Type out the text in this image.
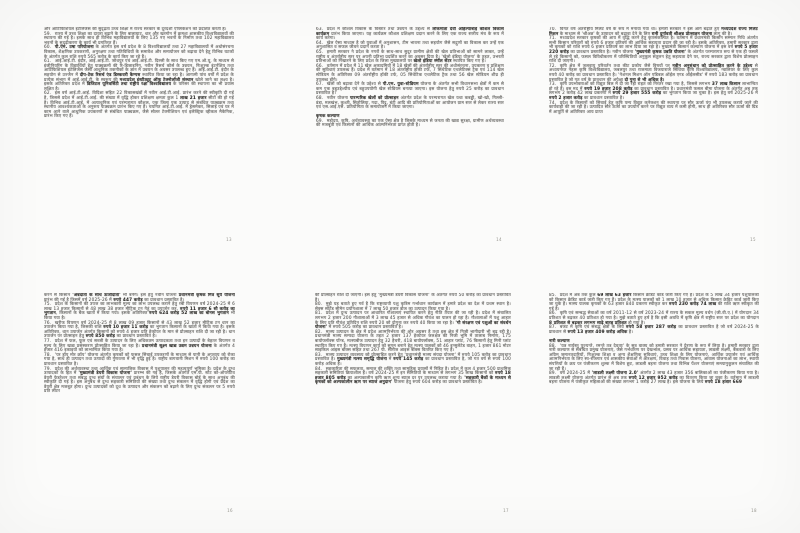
और आर्टिफिशियल इंटेलिजेंस की सुदृढ़ता उच्च शिक्षा में राज्य सरकार के दूरदर्शी एप्लिकेशन को प्रदर्शित करती है।
59. राज्य में उच्च शिक्षा का दायरा बढ़ाने के लिए बालाघाट, धार और खरगोन में क्रमशः शासकीय विश्वविद्यालयों की स्थापना की गई है। इसके साथ ही विभिन्न महाविद्यालयों के लिए 135 नए भवनों के निर्माण तथा 102 महाविद्यालय भवनों के सुदृढ़ीकरण के कार्य भी प्रगतिरत हैं।
60. पी.एम. उषा परियोजना के अंतर्गत इस वर्ष प्रदेश के 8 विश्वविद्यालयों तथा 27 महाविद्यालयों में अधोसंरचना विकास, शैक्षणिक उपकरणों, अनुरक्षण तथा गतिविधियों के समावेश और समायोजन को बढ़ावा देने हेतु विभिन्न घटकों के अंतर्गत कुल राशि रुपये 565 करोड़ के कार्य किए जा रहे हैं।
61. आई.आई.टी. इंदौर, आई.आई.टी. जोधपुर एवं आई.आई.टी. दिल्ली के साथ किए गए एम.ओ.यू. के माध्यम से इंजीनियरिंग के विद्यार्थियों हेतु पाठ्यक्रमों की रि-डिजाइनिंग, नवीन रिसर्च कोर्स के उन्नयन, निःशुल्क इंटर्नशिप तथा आर्टिफिशियल इंटेलिजेंस जैसी आधुनिक तकनीकों के ज्ञान में उन्नयन के अवसर उपलब्ध हुए हैं। आई.आई.टी. इंदौर के सहयोग से उज्जैन में दीप-टेक रिसर्च एंड डिस्कवरी कैम्पस स्थापित किया जा रहा है। आगामी पांच वर्षों में प्रदेश के प्रत्येक संभाग में आई.आई.टी. के स्वरूप की मध्यप्रदेश इंस्टीट्यूट ऑफ टेक्नोलॉजी संस्थान खोले जाने का लक्ष्य है। इसके अतिरिक्त प्रदेश में डिजिटल यूनिवर्सिटी तथा राष्ट्रीय रक्षा विश्वविद्यालय के परिसर की स्थापना का भी प्रयास लक्षित है।
62. इस वर्ष आई.टी.आई. विदिशा सहित 22 विकासखंडों में नवीन आई.टी.आई. प्रारंभ करने की स्वीकृति दी गई है, जिससे प्रदेश में आई.टी.आई. की संख्या में वृद्धि होकर प्रशिक्षण क्षमता कुल 1 लाख 21 हजार सीटों की हो गई है। विभिन्न आई.टी.आई. में अत्याधुनिक एवं परम्परागत कौशल, एक जिला एक उत्पाद से संबंधित पाठ्यक्रम तथा स्थानीय आवश्यकताओं के अनुरूप पाठ्यक्रम प्रारंभ किए गए हैं। चयनित आई.टी.आई. में ड्रेसमेकर, सिलाई एवं घर में काम आने वाले आधुनिक उपकरणों से संबंधित पाठ्यक्रम, जैसे सोलर टेक्नीशियन एवं इलेक्ट्रिक व्हीकल मैकेनिक, प्रारंभ किए गए हैं।
13
63. प्रदेश में कौशल विकास के विस्तार तथा उन्नयन के उद्देश्य से लोकमाता देवी अहिल्याबाई कौशल विकास कार्यक्रम प्रारंभ किया जाएगा। यह कार्यक्रम कौशल प्रशिक्षण प्रदान करने के लिए एक राज्य स्तरीय मंच के रूप में कार्य करेगा।
64. खेल ऐसा माध्यम है जो युवाओं में अनुशासन, टीम भावना तथा सहयोग जैसे सद्गुणों का विकास कर उन्हें एक अनुशासित व सफल जीवन प्रदान करता है।
65. हमारी सरकार ने प्रदेश के नगरों के साथ-साथ सुदूर ग्रामीण क्षेत्रों की खेल प्रतिभाओं को सामने लाकर, उन्हें राष्ट्रीय व अंतर्राष्ट्रीय स्तर पर अपनी प्रतिभा प्रदर्शित करने का अवसर दिया है। 'खेलो इंडिया योजना' के तहत, उभरती प्रतिभाओं को निखारने के लिए प्रदेश के जिला मुख्यालयों पर खेलो इंडिया स्मॉल सेंटर स्थापित किए गए हैं।
66. वर्तमान में प्रदेश में 11 खेल अकादमियों में 18 खेलों की अंतर्राष्ट्रीय स्तर की अधोसंरचना, उपकरण व प्रशिक्षण की सुविधाएं उपलब्ध हैं। प्रदेश में वर्तमान में 18 अंतर्राष्ट्रीय हॉकी टर्फ, 7 सिंथेटिक एथलेटिक्स ट्रैक एवं 114 खेल स्टेडियम के अतिरिक्त 09 अंतर्राष्ट्रीय हॉकी टर्फ, 05 सिंथेटिक एथलेटिक ट्रैक तथा 56 खेल स्टेडियम शीघ्र ही उपलब्ध होंगे।
67. खेलों को बढ़ावा देने के उद्देश्य से पी.एम. युवा-स्टेडियम योजना के अंतर्गत सभी विधानसभा क्षेत्रों में कम से कम एक बहुउद्देश्यीय एवं बहुउपयोगी खेल स्टेडियम बनाया जाएगा। इस योजना हेतु रुपये 25 करोड़ का प्रावधान प्रस्तावित है।
68. नवीन योजना पारम्परिक खेलों को प्रोत्साहन अंतर्गत प्रदेश के परम्परागत खेल यथा कबड्डी, खो-खो, गिल्ली-डंडा, मलखंभ, कुश्ती, सितोलिया, गदा, पिट्ठू, बंटी आदि की प्रतियोगिताओं का आयोजन ग्राम स्तर से लेकर राज्य स्तर एवं एस.आई.एस. प्रतियोगिता के समायोजन में किया जाएगा।
कृषक कल्याण
69. महोदय, कृषि, अर्थव्यवस्था का एक ऐसा क्षेत्र है जिसके माध्यम से जनता की खाद्य सुरक्षा, ग्रामीण अर्थव्यवस्था की मजबूती एवं किसानों की आर्थिक आत्मनिर्भरता प्राप्त होती है।
14
70. विगत वर्ष अंतर्राष्ट्रीय मिलेट वर्ष के रूप में मनाया गया था। हमारी सरकार ने इसे आगे बढ़ाते हुए मध्यप्रदेश राज्य मिलेट मिशन के माध्यम से 'श्रीअन्न' के उत्पादन को बढ़ावा देने के लिए रानी दुर्गावती श्रीअन्न प्रोत्साहन योजना लागू की है।
71. मध्यप्रदेश सरकार कृषकों की आय में वृद्धि करने हेतु कृतसंकल्पित है। वर्तमान में प्रधानमंत्री किसान सम्मान निधि अंतर्गत सभी किसान परिवारों को रुपये 6 हजार प्रतिवर्ष की आर्थिक सहायता प्रदान की जा रही है। इसके अतिरिक्त, हमारी सरकार द्वारा भी कृषकों को राशि रुपये 6 हजार प्रतिवर्ष का लाभ दिया जा रहा है। मुख्यमंत्री किसान कल्याण योजना में इस वर्ष रुपये 5 हजार 220 करोड़ का प्रावधान प्रस्तावित है। नवीन योजना 'मुख्यमंत्री कृषक उन्नति योजना' के अंतर्गत परम्परागत रूप से एक ही फसलें ले रहे किसानों को, फसल विविधीकरण में परिस्थितियों अनुकूल संतुलन हेतु सहायता देने पर, राज्य सरकार द्वारा विशेष प्रोत्साहन राशि दी जाएगी।
72. कृषि क्षेत्र में जलवायु परिवर्तन तथा कीट प्रकोप जैसे विषयों पर नवीन अनुसंधान को प्रोत्साहित करने के उद्देश्य से अध्ययनरत नेहरू कृषि विश्वविद्यालय, जबलपुर तथा राजमाता विजयाराजे सिंधिया कृषि विश्वविद्यालय, ग्वालियर के लिए कुल रुपये 40 करोड़ का प्रावधान प्रस्तावित है। 'नेशनल मिशन ऑन एडिबल ऑईल एण्ड ऑईलसीड' में रुपये 183 करोड़ का प्रावधान प्रस्तावित है जो गत वर्ष के प्रावधान की अपेक्षा दो गुना से भी अधिक है।
73. कृषि उपभोक्ताओं को विद्युत बिल में दी जा रही राहत को निरंतर रखा गया है, जिससे लगभग 37 लाख किसान लाभान्वित हो रहे हैं। इस मद में रुपये 19 हजार 208 करोड़ का प्रावधान प्रस्तावित है। प्रधानमंत्री फसल बीमा योजना के अंतर्गत अब तक लगभग 2 करोड़ 42 लाख प्रकरणों में रुपये 29 हजार 555 करोड़ का भुगतान किया जा चुका है। इस हेतु वर्ष 2025-26 में रुपये 2 हजार करोड़ का प्रावधान प्रस्तावित है।
74. प्रदेश के किसानों को सिंचाई हेतु कृषि पम्प विद्युत कनेक्शन की स्थापना पर सौर ऊर्जा पंप भी उपलब्ध कराये जाने की कार्यवाही की जा रही है। उत्पादित सौर ऊर्जा का उपयोग करने पर विद्युत व्यय में कमी होगी, साथ ही अतिरिक्त सौर ऊर्जा की ग्रिड में आपूर्ति से अतिरिक्त आय प्राप्त
15
करने से किसान 'अन्नदाता के साथ ऊर्जादाता' भी बनेंगे। इस हेतु नवीन योजना प्रधानमंत्री कृषक मित्र सूर्य योजना प्रारंभ की गई है जिसमें वर्ष 2025-26 में रुपये 447 करोड़ का प्रावधान प्रस्तावित है।
75. प्रदेश के किसानों की उपज का लाभकारी मूल्य का लाभ उपलब्ध कराने हेतु रबी विपणन वर्ष 2024-25 में 6 लाख 13 हजार किसानों से 48 लाख 38 हजार मीट्रिक टन गेहूं का उपार्जन कर, रुपये 11 हजार 6 सौ करोड़ का भुगतान, किसानों के बैंक खातों में किया गया। इसके अतिरिक्त रुपये 624 करोड़ 52 लाख का बोनस भुगतान भी किया गया है।
76. खरीफ विपणन वर्ष 2024-25 में 8 लाख 09 हजार किसानों से 43 लाख 52 हजार मीट्रिक टन धान का उपार्जन किया गया है, जिसकी राशि रुपये 10 हजार 11 करोड़ का भुगतान किसानों के खातों में किया गया है। इसके अतिरिक्त, धान उपार्जन अंतर्गत किसानों को रुपये 4 हजार प्रति हेक्टेयर के मान से प्रोत्साहन राशि दी जा रही है। धान उपार्जन पर प्रोत्साहन हेतु रुपये 850 करोड़ का प्रावधान प्रस्तावित है।
77. प्रदेश में फल, फूल एवं सब्जी के उत्पादन के लिए अधिकतम उत्पादकता तथा इन उत्पादों के बेहतर विपणन व मूल्य के लिए खाद्य प्रसंस्करण प्रोत्साहित किया जा रहा है। प्रधानमंत्री सूक्ष्म खाद्य उद्यम उन्नयन योजना के अंतर्गत 4 हजार 416 इकाइयों को लाभान्वित किया गया है।
78. 'पर ड्रॉप मोर क्रॉप' योजना अंतर्गत कृषकों को फसल सिंचाई उपकरणों के माध्यम से पानी के अपव्यय को रोका गया है, साथ ही उत्पादन तथा उत्पादों की गुणवत्ता में भी वृद्धि हुई है। राष्ट्रीय बागवानी मिशन में रुपये 100 करोड़ का प्रावधान प्रस्तावित है।
79. प्रदेश की अर्थव्यवस्था तथा आर्थिक एवं सामाजिक विकास में पशुपालन की महत्वपूर्ण भूमिका है। प्रदेश के दुग्ध उत्पादकों के हित में 'मुख्यमंत्री डेयरी विकास योजना' प्रारम्भ की गई है, जिसके अंतर्गत एम.पी. स्टेट को-ऑपरेटिव डेयरी फेडरेशन तथा संबद्ध दुग्ध संघों के संचालन एवं प्रबंधन के लिये राष्ट्रीय डेयरी विकास बोर्ड के साथ अनुबंध की स्वीकृति दी गई है। इस अनुबंध से दुग्ध सहकारी समितियों की संख्या तथा दुग्ध संकलन में वृद्धि होगी एवं प्रदेश का डेयरी क्षेत्र मजबूत होगा। दुग्ध उत्पादकों को दूध के उत्पादन और संकलन को बढ़ाने के लिए दुग्ध संकलन पर 5 रुपये प्रति लीटर
16
की प्रोत्साहन राशि दी जाएगी। इस हेतु 'मुख्यमंत्री डेयरी विकास योजना' के अंतर्गत रुपये 50 करोड़ का प्रावधान प्रस्तावित है।
80. मुझे यह बताते हुए गर्व है कि राष्ट्रव्यापी पशु कृत्रिम गर्भाधान कार्यक्रम में हमारे प्रदेश का देश में प्रथम स्थान है। सेक्स सॉर्टेड सीमेन प्रयोगशाला में 7 लाख 50 हजार डोज का उत्पादन किया गया है।
81. प्रदेश में दुग्ध उत्पादन पर आधारित गौशालाएं स्थापित करने हेतु नीति तैयार की जा रही है। प्रदेश में संचालित लगभग 2 हजार 200 गौशालाओं में 3 लाख 45 हजार से अधिक गौवंश का पालन हो रहा है। गौशालाओं में पशु आहार के लिए प्रति गौवंश प्रतिदिन राशि रुपये 20 को दोगुना कर रुपये 40 किया जा रहा है। 'गौ संरक्षण एवं पशुओं का संवर्धन योजना' में रुपये 505 करोड़ का प्रावधान प्रस्तावित है।
82. मत्स्य उत्पादन के क्षेत्र में प्रदेश आत्मनिर्भरता की ओर अग्रसर है तथा इस क्षेत्र में निजी भागीदारी भी बढ़ रही है। प्रधानमंत्री मत्स्य सम्पदा योजना के तहत 2 हजार 137 हेक्टेयर जलक्षेत्र की निजी भूमि में तालाब निर्माण, 175 बायोफ्लॉक्स पॉन्ड, मत्स्यबीज उत्पादन हेतु 32 हैचरी, 418 बायोफ्लॉक्स, 51 आहार प्लांट, 76 किसानों हेतु मिनी प्लांट स्थापित किए गए हैं। मत्स्य विपणन कार्य को सुगम बनाने हेतु मत्स्य पालकों को 46 इन्सुलेटेड वाहन, 1 हजार 861 मोटर साइकिल आइस बॉक्स सहित तथा 267 पी. सीरीज आइस बॉक्स वितरित किए गए हैं।
83. मत्स्य उत्पादन व्यवसाय को प्रोत्साहित करने हेतु 'प्रधानमंत्री मत्स्य संपदा योजना' में रुपये 105 करोड़ का प्रावधान प्रस्तावित है। मुख्यमंत्री मत्स्य समृद्धि योजना में रुपये 145 करोड़ का प्रावधान प्रस्तावित है, जो गत वर्ष से रुपये 100 करोड़ अधिक है।
84. सहकारिता की सफलता, समाज की शक्ति तथा सामूहिक प्रयासों में निहित है। प्रदेश में कुल 4 हजार 500 प्राथमिक सहकारी समितियां क्रियाशील हैं। वर्ष 2024-25 में इन समितियों के माध्यम से लगभग 35 लाख किसानों को रुपये 18 हजार 805 करोड़ का अल्पकालीन कृषि ऋण शून्य ब्याज दर पर उपलब्ध कराया गया है। 'सहकारी बैंकों के माध्यम से कृषकों को अल्पकालीन ऋण पर ब्याज अनुदान' योजना हेतु रुपये 604 करोड़ का प्रावधान प्रस्तावित है।
17
85. प्रदेश में अब तक कुल 69 लाख 63 हजार किसान क्रेडिट कार्ड जारी किए गए हैं। प्रदेश के 5 लाख 34 हजार पशुपालकों को किसान क्रेडिट कार्ड जारी किए गए हैं। प्रदेश के मत्स्य पालकों को 1 लाख 10 हजार से अधिक किसान क्रेडिट कार्ड जारी किए जा चुके हैं। मत्स्य पालक कृषकों के 63 हजार 840 प्रकरण स्वीकृत कर रुपये 230 करोड़ 74 लाख की राशि ऋण स्वीकृत की गई है।
86. कृषि एवं सम्बद्ध सेवाओं का वर्ष 2011-12 से वर्ष 2023-24 में राज्य के सकल मूल्य वर्धन (जी.वी.ए.) में योगदान 34 प्रतिशत से बढ़कर 40 प्रतिशत हो गया है। मुझे बताते हुए हर्ष है कि इसी अवधि में कृषि क्षेत्र में राष्ट्रीय स्तर पर प्रदेश का योगदान 8 प्रतिशत से बढ़कर लगभग साढ़े बारह प्रतिशत हो गया है।
87. बजट में कृषि एवं संबद्ध क्षेत्रों के लिये रुपये 58 हजार 287 करोड़ का प्रावधान प्रस्तावित है जो वर्ष 2024-25 के प्रावधान से रुपये 13 हजार 409 करोड़ अधिक है।
नारी कल्याण
88. 'यत्र नार्यस्तु पूज्यन्ते, रमन्ते तत्र देवताः' के सूत्र वाक्य को हमारी सरकार ने प्रेरणा के रूप में लिया है। हमारी सरकार द्वारा नारी कल्याण से संबंधित प्रमुख योजनाएं, जैसे गर्भधारण पर देखभाल, प्रसव पर आर्थिक सहायता, लाडली लक्ष्मी, बैंकवारों के लिए अग्रिम जमानतदारियों, निःशुल्क शिक्षा व अन्य शैक्षणिक सुविधाएं, उच्च शिक्षा के लिए योजनाएं, आर्थिक उपार्जन एवं आर्थिक आत्मनिर्भरता के लिए स्व-रोजगार एवं शासकीय सेवाओं में आरक्षण, विवाह तथा निवास योजना, आवास योजनाओं का लाभ, स्थायी संपत्तियों के क्रय पर पंजीकरण शुल्क में विशेष छूट, लाडली बहना योजना तथा विभिन्न पेंशन योजनाएं समयानुकूलन संचालित की जा रही हैं।
89. वर्ष 2024-25 में 'लाडली लक्ष्मी योजना 2.0' अंतर्गत 2 लाख 43 हजार 356 बालिकाओं का पंजीकरण किया गया है। लाडली लक्ष्मी योजना अंतर्गत प्रारंभ से अब तक रुपये 12 हजार 952 करोड़ का वितरण किया जा चुका है। वर्तमान में लाडली बहना योजना में पंजीकृत महिलाओं की संख्या लगभग 1 करोड़ 27 लाख है। इस योजना के लिये रुपये 18 हजार 669
18
